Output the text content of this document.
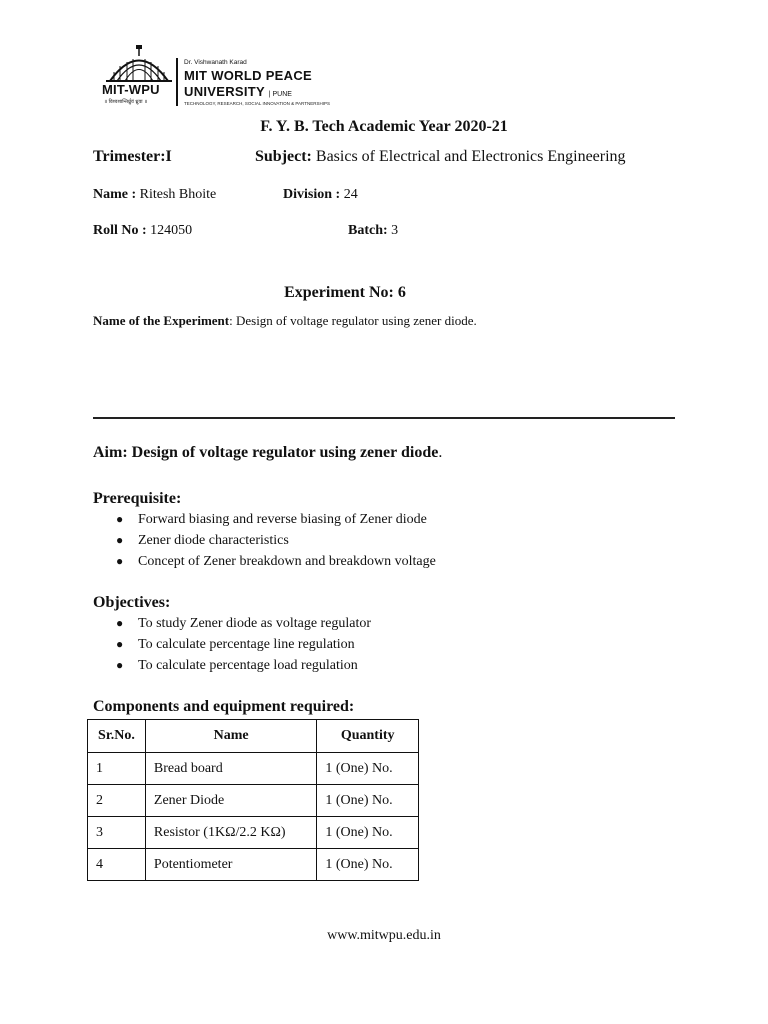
MIT-WPU
॥ विश्वशान्तिर्ध्रुवं ध्रुवा ॥
Dr. Vishwanath Karad
MIT WORLD PEACE
UNIVERSITY | PUNE
TECHNOLOGY, RESEARCH, SOCIAL INNOVATION & PARTNERSHIPS
F. Y. B. Tech Academic Year 2020-21
Trimester:I	Subject: Basics of Electrical and Electronics Engineering
Name : Ritesh Bhoite	Division : 24
Roll No : 124050	Batch: 3
Experiment No: 6
Name of the Experiment: Design of voltage regulator using zener diode.
Aim: Design of voltage regulator using zener diode.
Prerequisite:
● Forward biasing and reverse biasing of Zener diode
● Zener diode characteristics
● Concept of Zener breakdown and breakdown voltage
Objectives:
● To study Zener diode as voltage regulator
● To calculate percentage line regulation
● To calculate percentage load regulation
Components and equipment required:
Sr.No.	Name	Quantity
1	Bread board	1 (One) No.
2	Zener Diode	1 (One) No.
3	Resistor (1KΩ/2.2 KΩ)	1 (One) No.
4	Potentiometer	1 (One) No.
www.mitwpu.edu.in
